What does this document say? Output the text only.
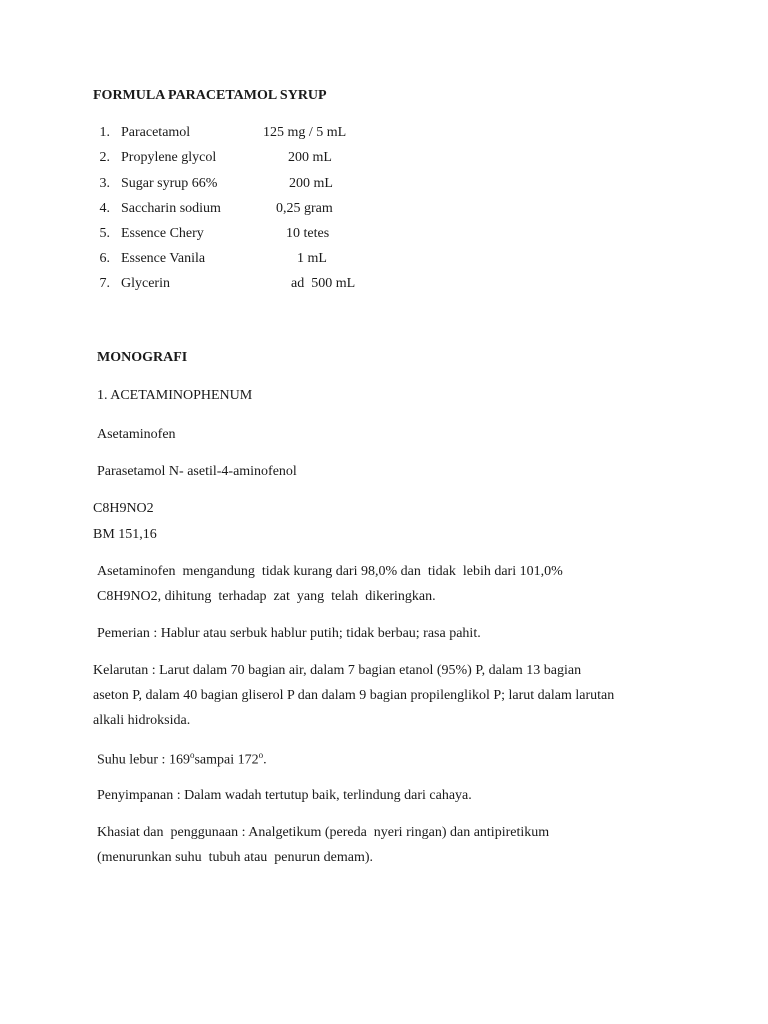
FORMULA PARACETAMOL SYRUP
1. Paracetamol	125 mg / 5 mL
2. Propylene glycol	200 mL
3. Sugar syrup 66%	200 mL
4. Saccharin sodium	0,25 gram
5. Essence Chery	10 tetes
6. Essence Vanila	1 mL
7. Glycerin	ad  500 mL
MONOGRAFI
1. ACETAMINOPHENUM
Asetaminofen
Parasetamol N- asetil-4-aminofenol
C8H9NO2
BM 151,16
Asetaminofen  mengandung  tidak kurang dari 98,0% dan  tidak  lebih dari 101,0%
C8H9NO2, dihitung  terhadap  zat  yang  telah  dikeringkan.
Pemerian : Hablur atau serbuk hablur putih; tidak berbau; rasa pahit.
Kelarutan : Larut dalam 70 bagian air, dalam 7 bagian etanol (95%) P, dalam 13 bagian
aseton P, dalam 40 bagian gliserol P dan dalam 9 bagian propilenglikol P; larut dalam larutan
alkali hidroksida.
Suhu lebur : 169$^o$sampai 172$^o$.
Penyimpanan : Dalam wadah tertutup baik, terlindung dari cahaya.
Khasiat dan  penggunaan : Analgetikum (pereda  nyeri ringan) dan antipiretikum
(menurunkan suhu  tubuh atau  penurun demam).
